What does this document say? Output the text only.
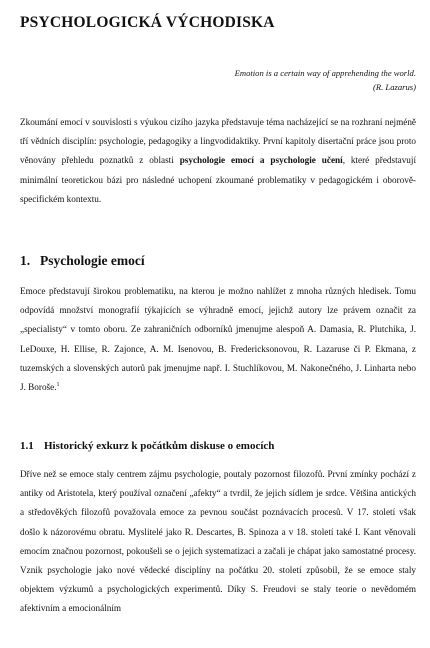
PSYCHOLOGICKÁ VÝCHODISKA
Emotion is a certain way of apprehending the world.
(R. Lazarus)

Zkoumání emocí v souvislosti s výukou cizího jazyka představuje téma nacházející se na rozhraní nejméně tří vědních disciplín: psychologie, pedagogiky a lingvodidaktiky. První kapitoly disertační práce jsou proto věnovány přehledu poznatků z oblasti psychologie emocí a psychologie učení, které představují minimální teoretickou bázi pro následné uchopení zkoumané problematiky v pedagogickém i oborově-specifickém kontextu.

1. Psychologie emocí

Emoce představují širokou problematiku, na kterou je možno nahlížet z mnoha různých hledisek. Tomu odpovídá množství monografií týkajících se výhradně emocí, jejichž autory lze právem označit za „specialisty“ v tomto oboru. Ze zahraničních odborníků jmenujme alespoň A. Damasia, R. Plutchika, J. LeDouxe, H. Ellise, R. Zajonce, A. M. Isenovou, B. Fredericksonovou, R. Lazaruse či P. Ekmana, z tuzemských a slovenských autorů pak jmenujme např. I. Stuchlíkovou, M. Nakonečného, J. Linharta nebo J. Boroše.$^1$

1.1 Historický exkurz k počátkům diskuse o emocích

Dříve než se emoce staly centrem zájmu psychologie, poutaly pozornost filozofů. První zmínky pochází z antiky od Aristotela, který používal označení „afekty“ a tvrdil, že jejich sídlem je srdce. Většina antických a středověkých filozofů považovala emoce za pevnou součást poznávacích procesů. V 17. století však došlo k názorovému obratu. Myslitelé jako R. Descartes, B. Spinoza a v 18. století také I. Kant věnovali emocím značnou pozornost, pokoušeli se o jejich systematizaci a začali je chápat jako samostatné procesy. Vznik psychologie jako nové vědecké disciplíny na počátku 20. století způsobil, že se emoce staly objektem výzkumů a psychologických experimentů. Díky S. Freudovi se staly teorie o nevědomém afektivním a emocionálním
